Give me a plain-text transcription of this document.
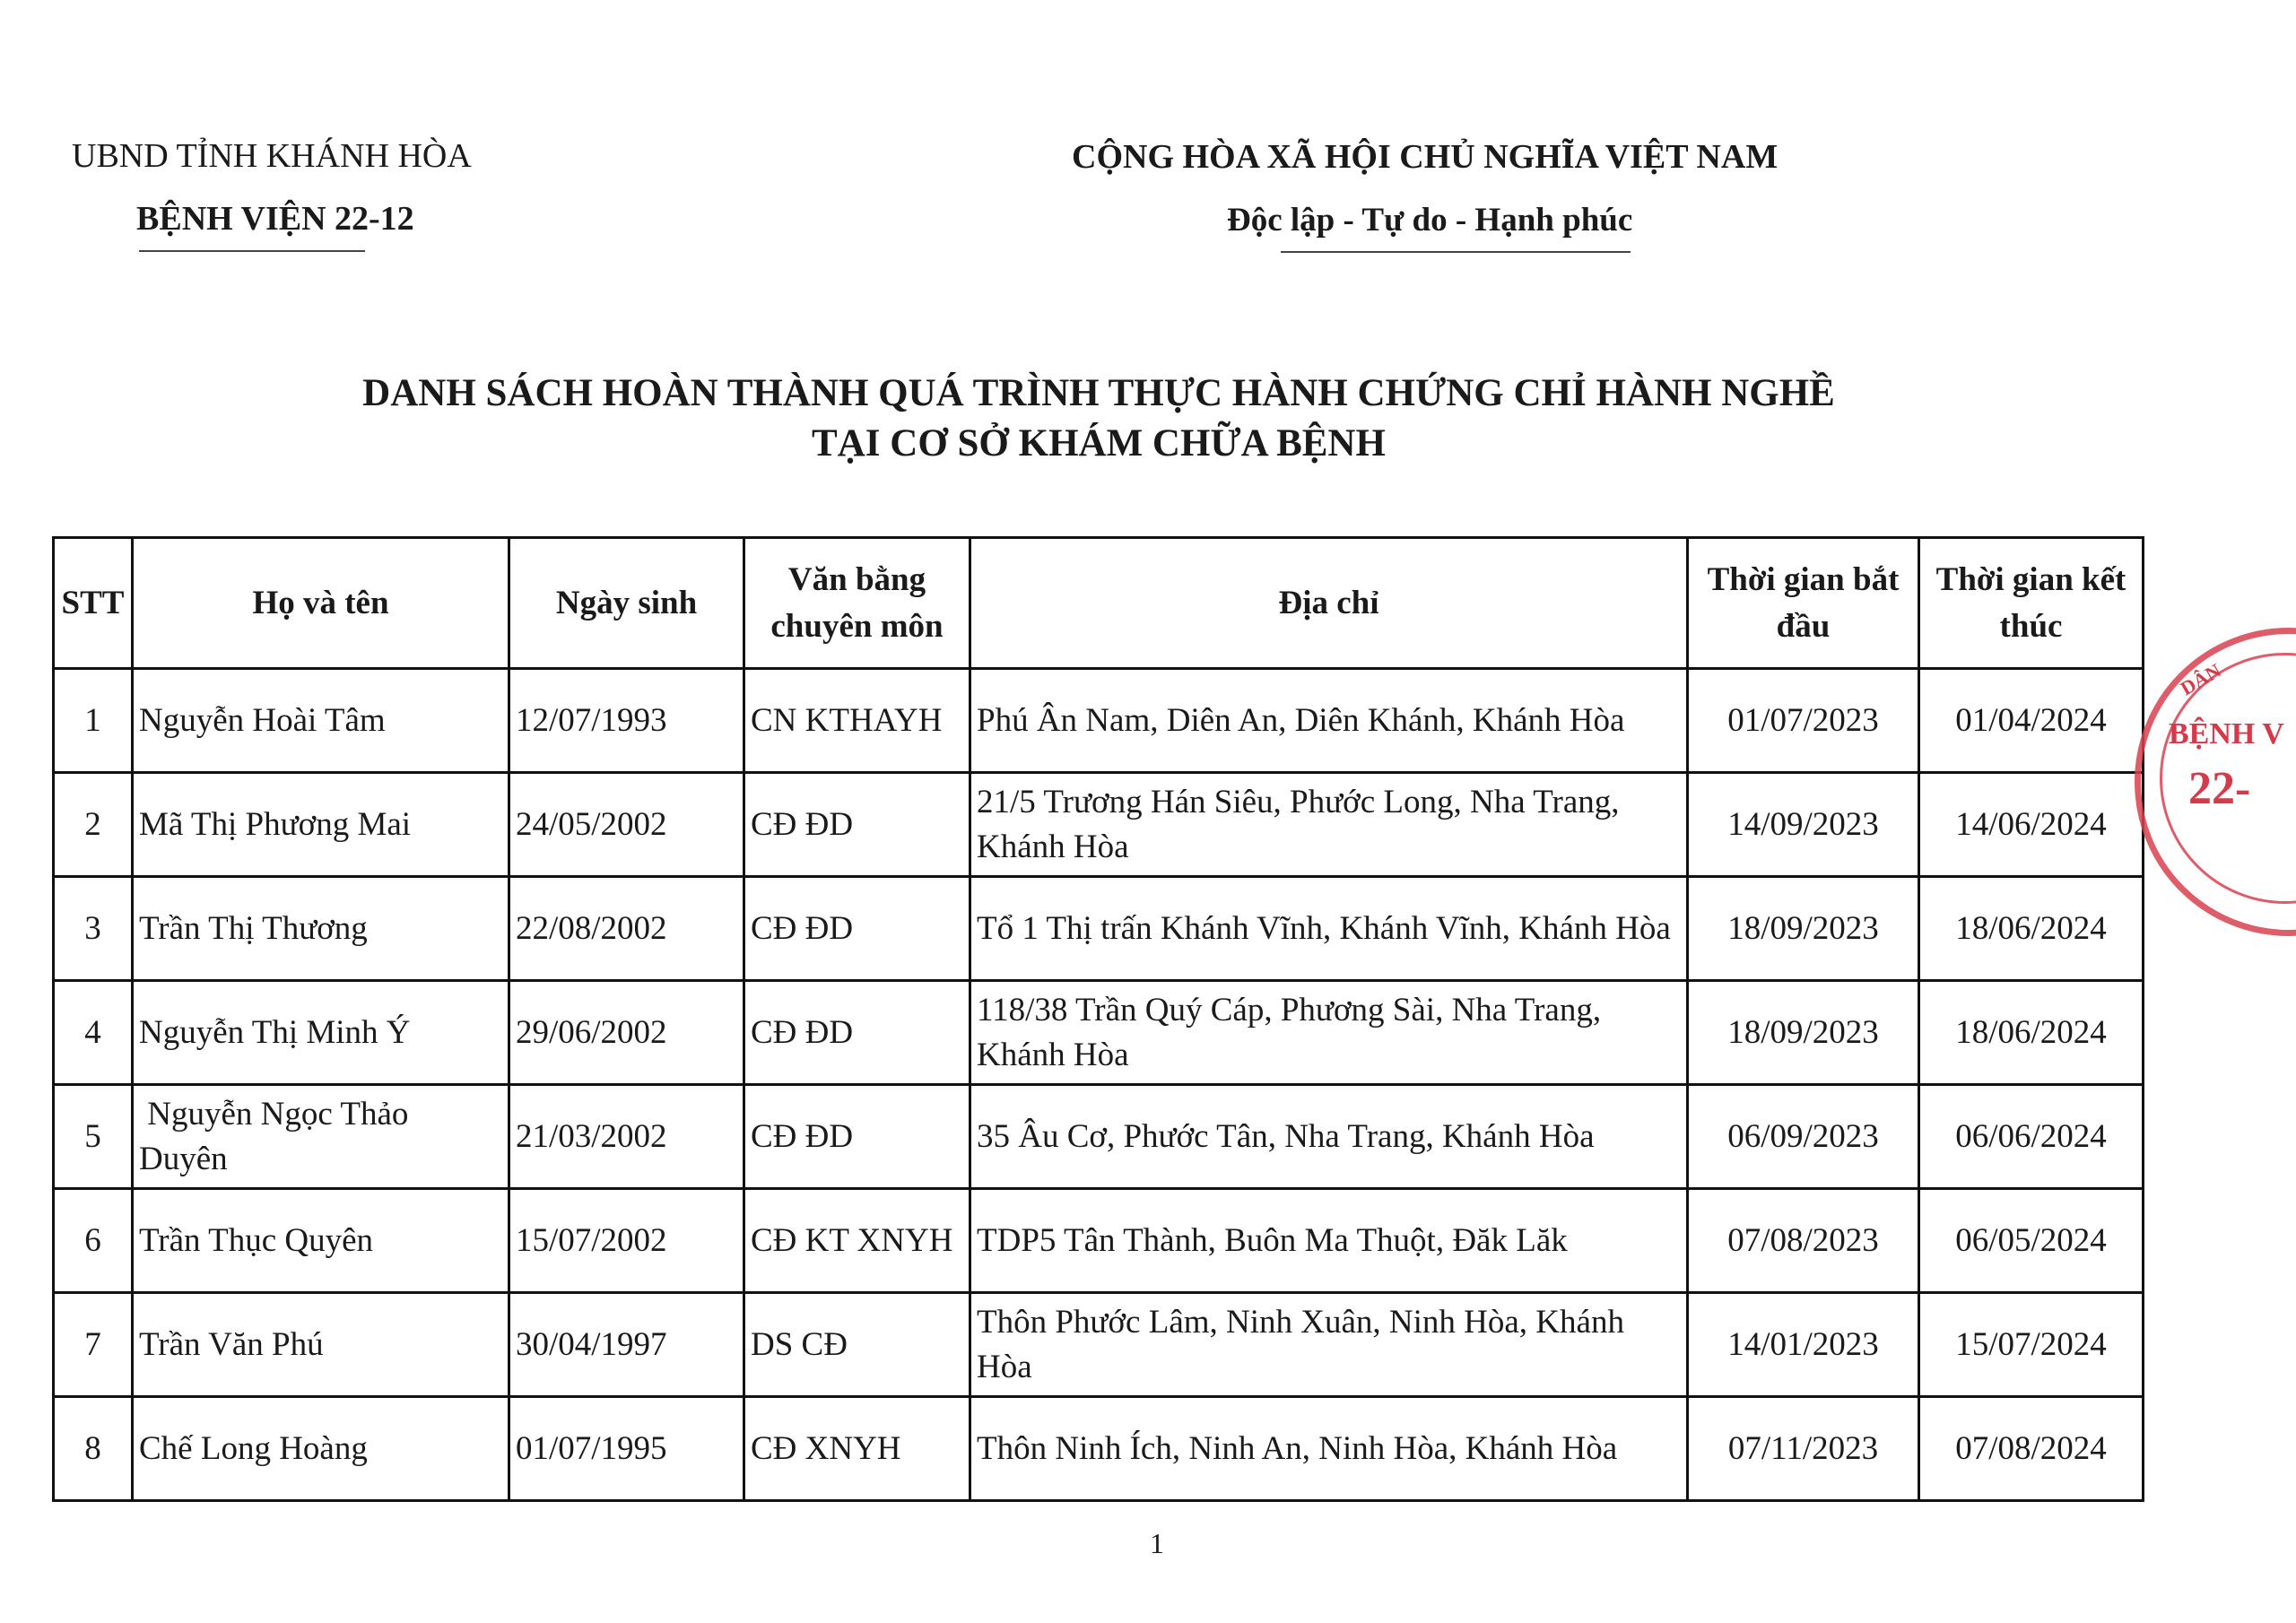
UBND TỈNH KHÁNH HÒA
BỆNH VIỆN 22-12
CỘNG HÒA XÃ HỘI CHỦ NGHĨA VIỆT NAM
Độc lập - Tự do - Hạnh phúc
DANH SÁCH HOÀN THÀNH QUÁ TRÌNH THỰC HÀNH CHỨNG CHỈ HÀNH NGHỀ
TẠI CƠ SỞ KHÁM CHỮA BỆNH
STT	Họ và tên	Ngày sinh	Văn bằng chuyên môn	Địa chỉ	Thời gian bắt đầu	Thời gian kết thúc
1	Nguyễn Hoài Tâm	12/07/1993	CN KTHAYH	Phú Ân Nam, Diên An, Diên Khánh, Khánh Hòa	01/07/2023	01/04/2024
2	Mã Thị Phương Mai	24/05/2002	CĐ ĐD	21/5 Trương Hán Siêu, Phước Long, Nha Trang, Khánh Hòa	14/09/2023	14/06/2024
3	Trần Thị Thương	22/08/2002	CĐ ĐD	Tổ 1 Thị trấn Khánh Vĩnh, Khánh Vĩnh, Khánh Hòa	18/09/2023	18/06/2024
4	Nguyễn Thị Minh Ý	29/06/2002	CĐ ĐD	118/38 Trần Quý Cáp, Phương Sài, Nha Trang, Khánh Hòa	18/09/2023	18/06/2024
5	Nguyễn Ngọc Thảo Duyên	21/03/2002	CĐ ĐD	35 Âu Cơ, Phước Tân, Nha Trang, Khánh Hòa	06/09/2023	06/06/2024
6	Trần Thục Quyên	15/07/2002	CĐ KT XNYH	TDP5 Tân Thành, Buôn Ma Thuột, Đăk Lăk	07/08/2023	06/05/2024
7	Trần Văn Phú	30/04/1997	DS CĐ	Thôn Phước Lâm, Ninh Xuân, Ninh Hòa, Khánh Hòa	14/01/2023	15/07/2024
8	Chế Long Hoàng	01/07/1995	CĐ XNYH	Thôn Ninh Ích, Ninh An, Ninh Hòa, Khánh Hòa	07/11/2023	07/08/2024
1
DÂN
BỆNH V
22-
